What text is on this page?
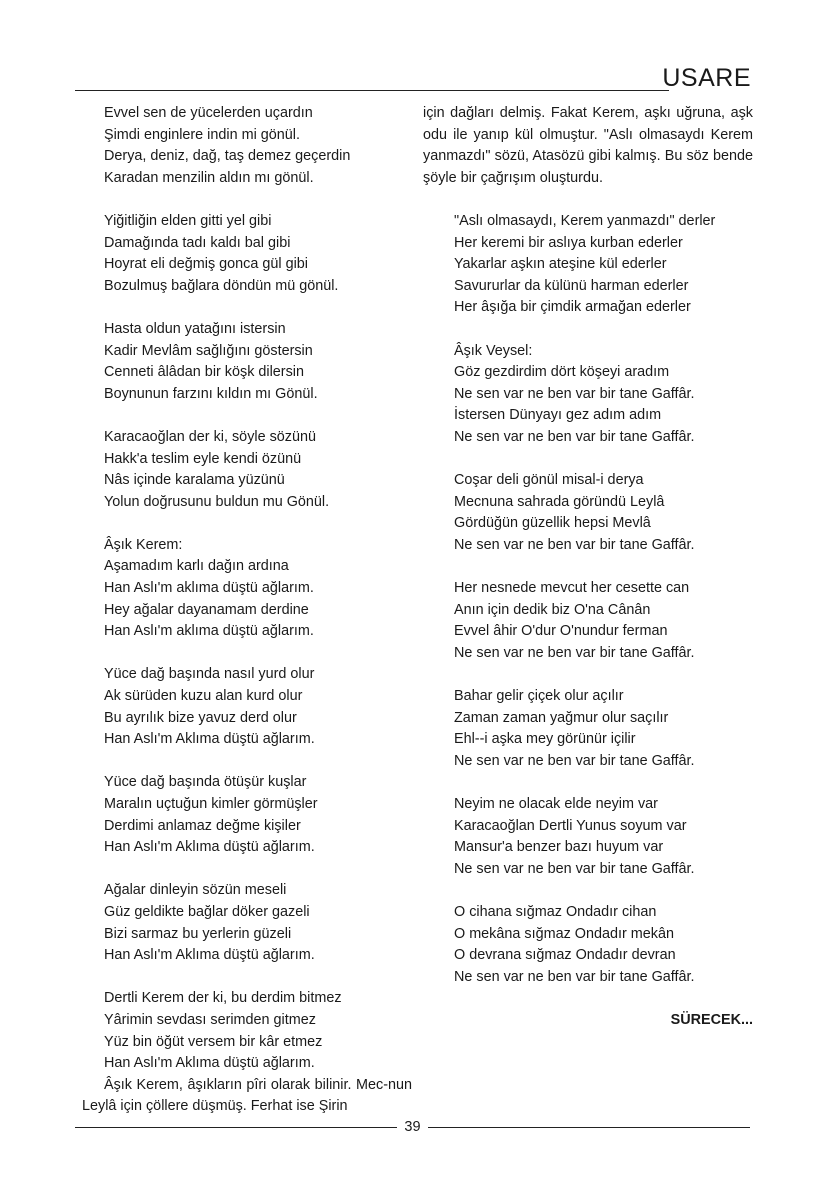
USARE
Evvel sen de yücelerden uçardın
Şimdi enginlere indin mi gönül.
Derya, deniz, dağ, taş demez geçerdin
Karadan menzilin aldın mı gönül.
Yiğitliğin elden gitti yel gibi
Damağında tadı kaldı bal gibi
Hoyrat eli değmiş gonca gül gibi
Bozulmuş bağlara döndün mü gönül.
Hasta oldun yatağını istersin
Kadir Mevlâm sağlığını göstersin
Cenneti âlâdan bir köşk dilersin
Boynunun farzını kıldın mı Gönül.
Karacaoğlan der ki, söyle sözünü
Hakk'a teslim eyle kendi özünü
Nâs içinde karalama yüzünü
Yolun doğrusunu buldun mu Gönül.
Âşık Kerem:
Aşamadım karlı dağın ardına
Han Aslı'm aklıma düştü ağlarım.
Hey ağalar dayanamam derdine
Han Aslı'm aklıma düştü ağlarım.
Yüce dağ başında nasıl yurd olur
Ak sürüden kuzu alan kurd olur
Bu ayrılık bize yavuz derd olur
Han Aslı'm Aklıma düştü ağlarım.
Yüce dağ başında ötüşür kuşlar
Maralın uçtuğun kimler görmüşler
Derdimi anlamaz değme kişiler
Han Aslı'm Aklıma düştü ağlarım.
Ağalar dinleyin sözün meseli
Güz geldikte bağlar döker gazeli
Bizi sarmaz bu yerlerin güzeli
Han Aslı'm Aklıma düştü ağlarım.
Dertli Kerem der ki, bu derdim bitmez
Yârimin sevdası serimden gitmez
Yüz bin öğüt versem bir kâr etmez
Han Aslı'm Aklıma düştü ağlarım.

Âşık Kerem, âşıkların pîri olarak bilinir. Mec-nun Leylâ için çöllere düşmüş. Ferhat ise Şirin

için dağları delmiş. Fakat Kerem, aşkı uğruna, aşk odu ile yanıp kül olmuştur. "Aslı olmasaydı Kerem yanmazdı" sözü, Atasözü gibi kalmış. Bu söz bende şöyle bir çağrışım oluşturdu.

"Aslı olmasaydı, Kerem yanmazdı" derler
Her keremi bir aslıya kurban ederler
Yakarlar aşkın ateşine kül ederler
Savururlar da külünü harman ederler
Her âşığa bir çimdik armağan ederler
Âşık Veysel:
Göz gezdirdim dört köşeyi aradım
Ne sen var ne ben var bir tane Gaffâr.
İstersen Dünyayı gez adım adım
Ne sen var ne ben var bir tane Gaffâr.
Coşar deli gönül misal-i derya
Mecnuna sahrada göründü Leylâ
Gördüğün güzellik hepsi Mevlâ
Ne sen var ne ben var bir tane Gaffâr.
Her nesnede mevcut her cesette can
Anın için dedik biz O'na Cânân
Evvel âhir O'dur O'nundur ferman
Ne sen var ne ben var bir tane Gaffâr.
Bahar gelir çiçek olur açılır
Zaman zaman yağmur olur saçılır
Ehl--i aşka mey görünür içilir
Ne sen var ne ben var bir tane Gaffâr.
Neyim ne olacak elde neyim var
Karacaoğlan Dertli Yunus soyum var
Mansur'a benzer bazı huyum var
Ne sen var ne ben var bir tane Gaffâr.
O cihana sığmaz Ondadır cihan
O mekâna sığmaz Ondadır mekân
O devrana sığmaz Ondadır devran
Ne sen var ne ben var bir tane Gaffâr.
SÜRECEK...
39
